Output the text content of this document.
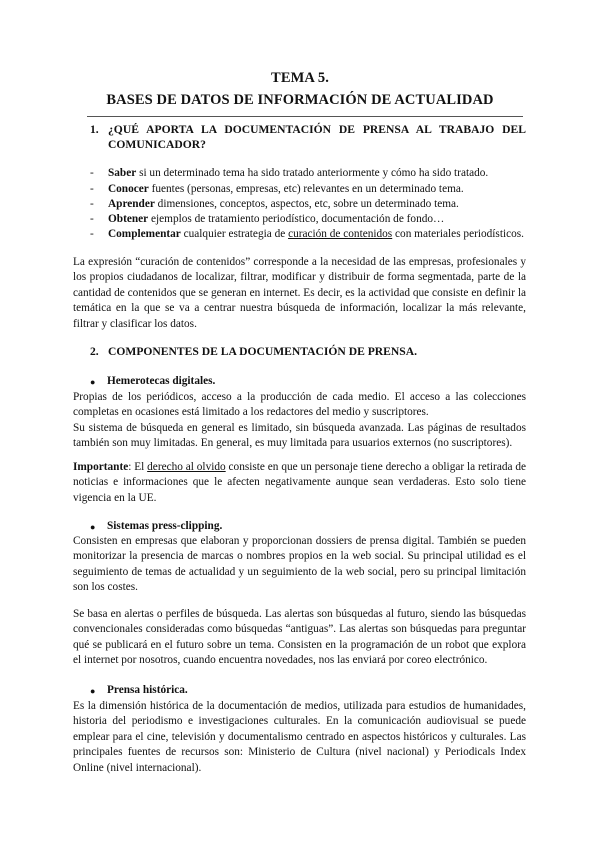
TEMA 5.
BASES DE DATOS DE INFORMACIÓN DE ACTUALIDAD
1. ¿QUÉ APORTA LA DOCUMENTACIÓN DE PRENSA AL TRABAJO DEL
COMUNICADOR?
- Saber si un determinado tema ha sido tratado anteriormente y cómo ha sido tratado.
- Conocer fuentes (personas, empresas, etc) relevantes en un determinado tema.
- Aprender dimensiones, conceptos, aspectos, etc, sobre un determinado tema.
- Obtener ejemplos de tratamiento periodístico, documentación de fondo…
- Complementar cualquier estrategia de curación de contenidos con materiales periodísticos.

La expresión “curación de contenidos” corresponde a la necesidad de las empresas, profesionales y los propios ciudadanos de localizar, filtrar, modificar y distribuir de forma segmentada, parte de la cantidad de contenidos que se generan en internet. Es decir, es la actividad que consiste en definir la temática en la que se va a centrar nuestra búsqueda de información, localizar la más relevante, filtrar y clasificar los datos.

2. COMPONENTES DE LA DOCUMENTACIÓN DE PRENSA.
● Hemerotecas digitales.

Propias de los periódicos, acceso a la producción de cada medio. El acceso a las colecciones completas en ocasiones está limitado a los redactores del medio y suscriptores.

Su sistema de búsqueda en general es limitado, sin búsqueda avanzada. Las páginas de resultados también son muy limitadas. En general, es muy limitada para usuarios externos (no suscriptores).

Importante: El derecho al olvido consiste en que un personaje tiene derecho a obligar la retirada de noticias e informaciones que le afecten negativamente aunque sean verdaderas. Esto solo tiene vigencia en la UE.

● Sistemas press-clipping.

Consisten en empresas que elaboran y proporcionan dossiers de prensa digital. También se pueden monitorizar la presencia de marcas o nombres propios en la web social. Su principal utilidad es el seguimiento de temas de actualidad y un seguimiento de la web social, pero su principal limitación son los costes.

Se basa en alertas o perfiles de búsqueda. Las alertas son búsquedas al futuro, siendo las búsquedas convencionales consideradas como búsquedas “antiguas”. Las alertas son búsquedas para preguntar qué se publicará en el futuro sobre un tema. Consisten en la programación de un robot que explora el internet por nosotros, cuando encuentra novedades, nos las enviará por coreo electrónico.

● Prensa histórica.

Es la dimensión histórica de la documentación de medios, utilizada para estudios de humanidades, historia del periodismo e investigaciones culturales. En la comunicación audiovisual se puede emplear para el cine, televisión y documentalismo centrado en aspectos históricos y culturales. Las principales fuentes de recursos son: Ministerio de Cultura (nivel nacional) y Periodicals Index Online (nivel internacional).
